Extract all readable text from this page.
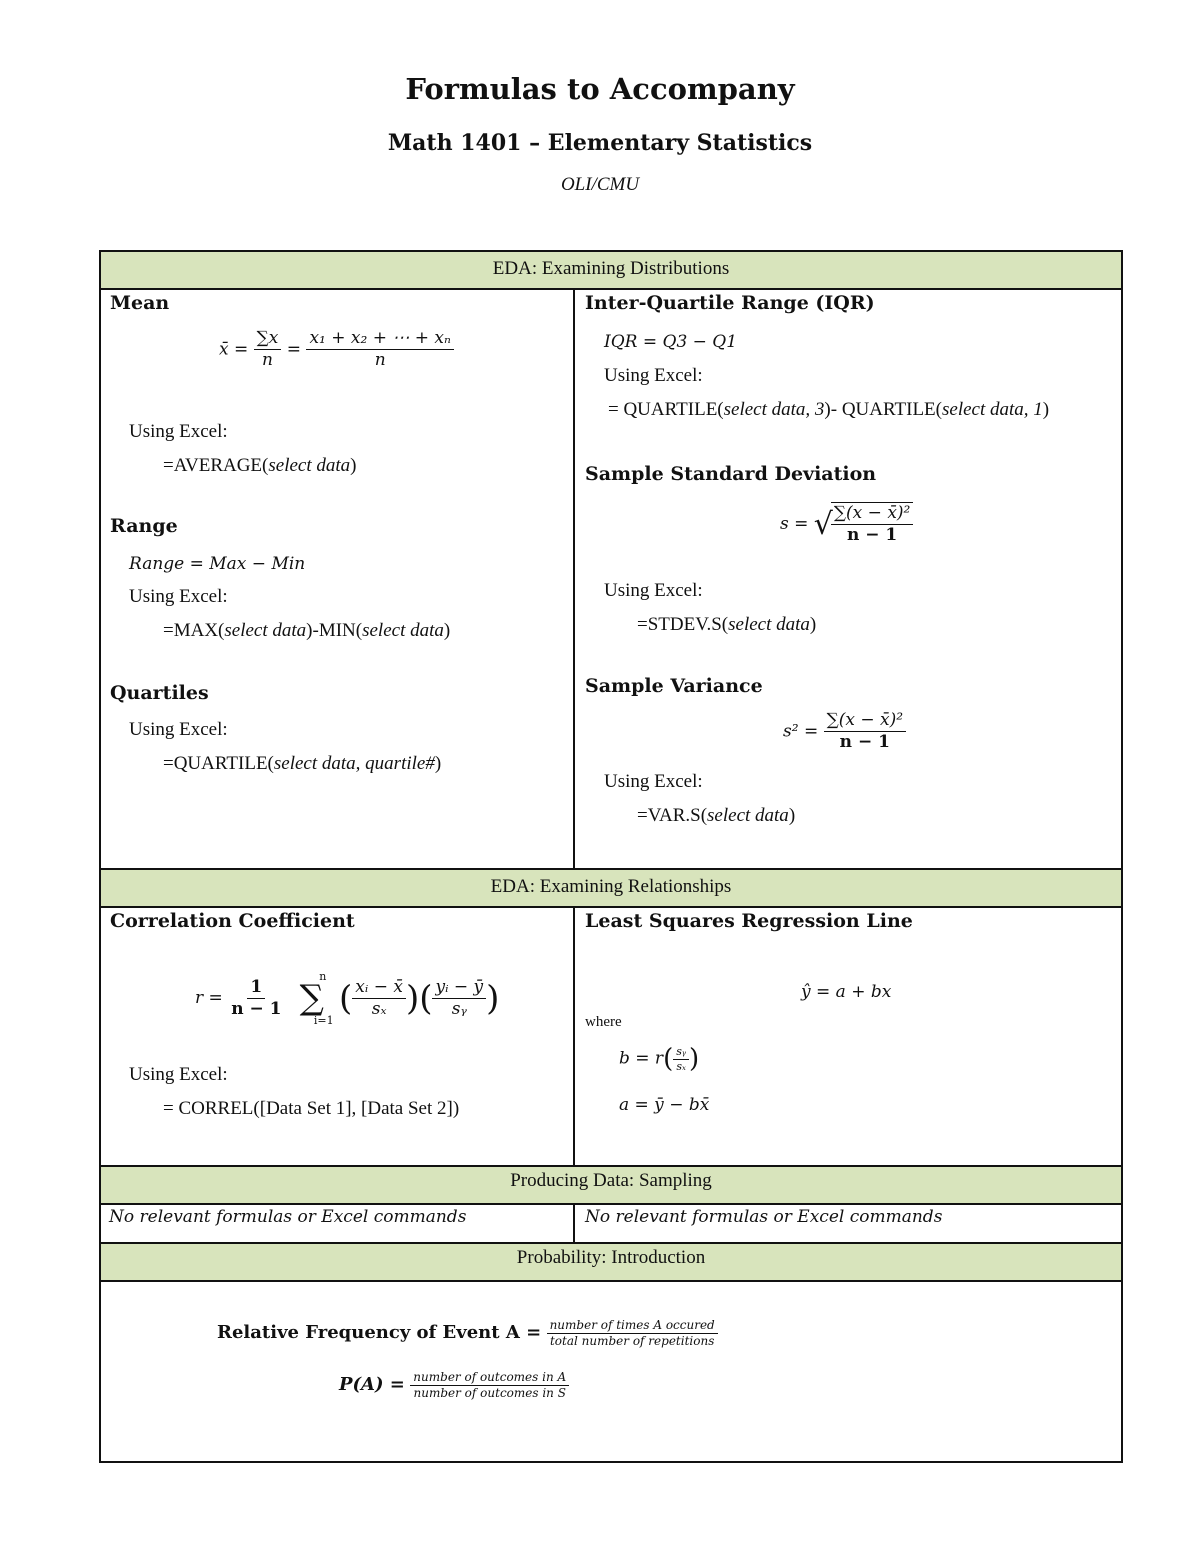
Formulas to Accompany
Math 1401 – Elementary Statistics
OLI/CMU
EDA: Examining Distributions
Mean
x̄ = $\frac{\sum x}{n} = \frac{\text{x₁ + x₂ + ⋯ + xₙ}}{n}$
Using Excel:
=AVERAGE(select data)
Range
Range = Max − Min
Using Excel:
=MAX(select data)-MIN(select data)
Quartiles
Using Excel:
=QUARTILE(select data, quartile#)
Inter-Quartile Range (IQR)
IQR = Q3 − Q1
Using Excel:
= QUARTILE(select data, 3)- QUARTILE(select data, 1)
Sample Standard Deviation
s = √
$\frac{\text{∑(x − x̄)²}}{n - 1}$
Using Excel:
=STDEV.S(select data)
Sample Variance
$s^2 = \frac{\text{∑(x − x̄)²}}{n - 1}$
Using Excel:
=VAR.S(select data)
EDA: Examining Relationships
Correlation Coefficient
$r = \frac{1}{n - 1}$

n
∑
i=1
( $\frac{\text{xᵢ − x̄}}{\text{sₓ}}$ )( $\frac{\text{yᵢ − ȳ}}{\text{sᵧ}}$ )
Using Excel:
= CORREL([Data Set 1], [Data Set 2])
Least Squares Regression Line
ŷ = a + bx
where
$b = r( \frac{\text{sᵧ}}{\text{sₓ}}$ )
a = ȳ − bx̄
Producing Data: Sampling
No relevant formulas or Excel commands	No relevant formulas or Excel commands
Probability: Introduction
Relative Frequency of Event $A = \frac{\text{number of times A occured}}{\text{total number of repetitions}}$
$P(A) = \frac{\text{number of outcomes in A}}{\text{number of outcomes in S}}$
